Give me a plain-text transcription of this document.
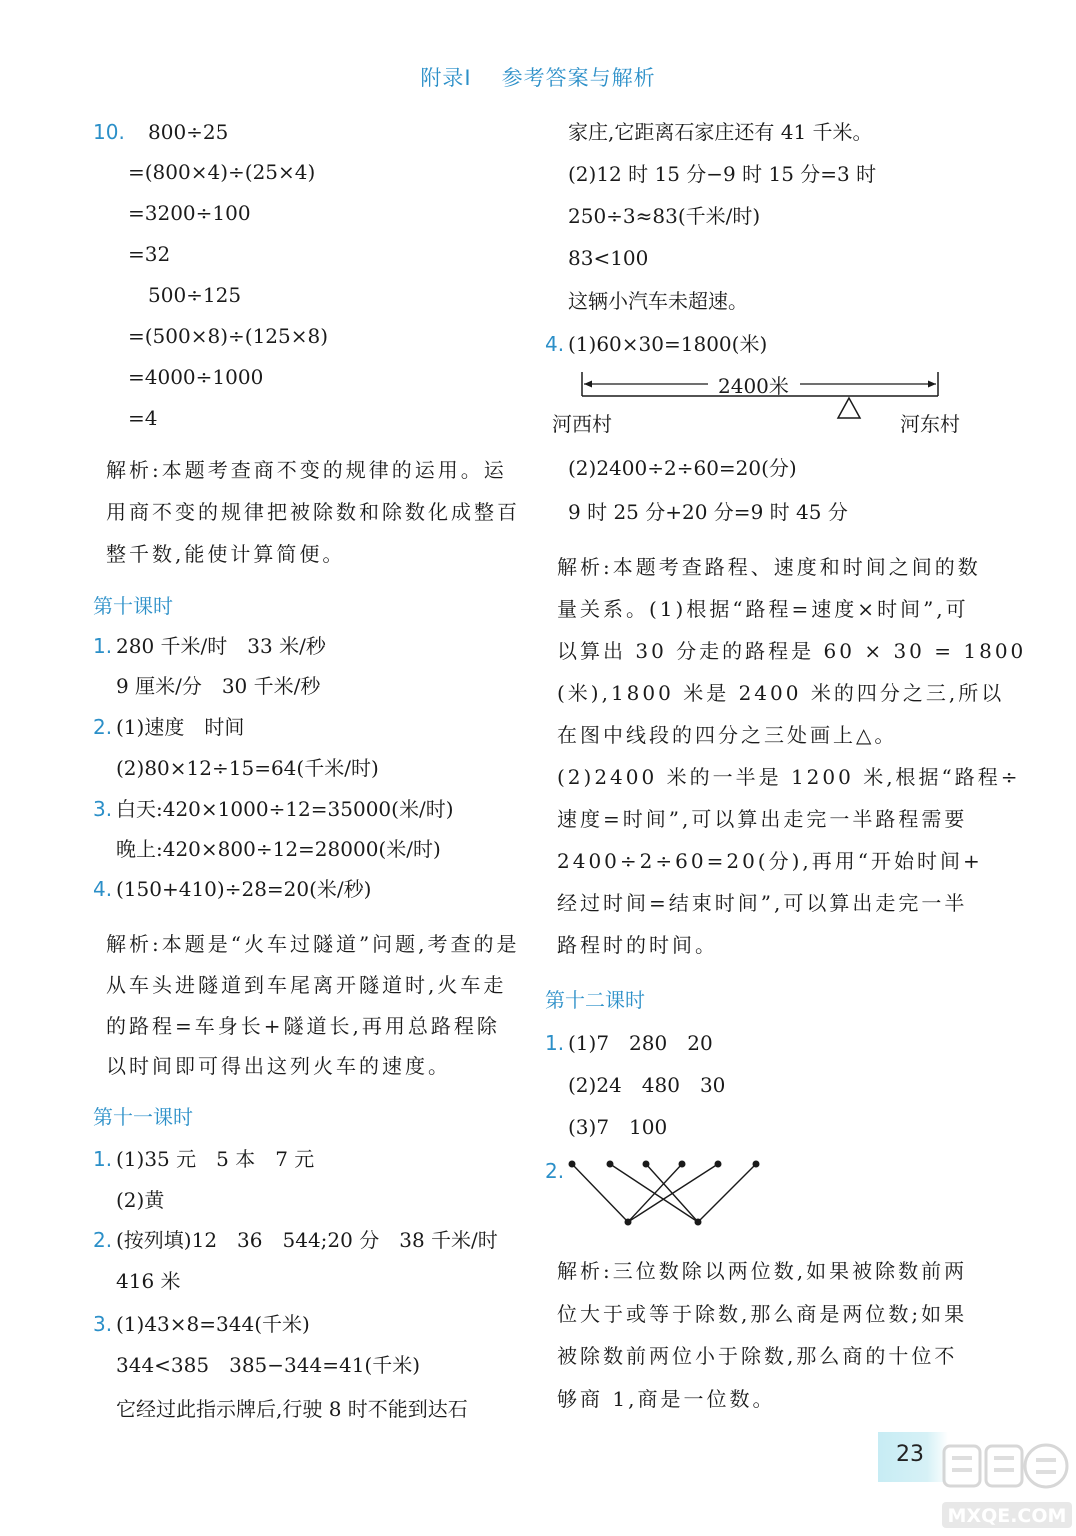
附录Ⅰ 参考答案与解析
10. 800÷25
=(800×4)÷(25×4)
=3200÷100
=32
500÷125
=(500×8)÷(125×8)
=4000÷1000
=4
解析:本题考查商不变的规律的运用。运
用商不变的规律把被除数和除数化成整百
整千数,能使计算简便。
第十课时
1. 280 千米/时　33 米/秒
9 厘米/分　30 千米/秒
2. (1)速度　时间
(2)80×12÷15=64(千米/时)
3. 白天:420×1000÷12=35000(米/时)
晚上:420×800÷12=28000(米/时)
4. (150+410)÷28=20(米/秒)
解析:本题是“火车过隧道”问题,考查的是
从车头进隧道到车尾离开隧道时,火车走
的路程=车身长+隧道长,再用总路程除
以时间即可得出这列火车的速度。
第十一课时
1. (1)35 元　5 本　7 元
(2)黄
2. (按列填)12　36　544;20 分　38 千米/时
416 米
3. (1)43×8=344(千米)
344<385　385−344=41(千米)
它经过此指示牌后,行驶 8 时不能到达石
家庄,它距离石家庄还有 41 千米。
(2)12 时 15 分−9 时 15 分=3 时
250÷3≈83(千米/时)
83<100
这辆小汽车未超速。
4. (1)60×30=1800(米)
2400米
河西村	河东村
(2)2400÷2÷60=20(分)
9 时 25 分+20 分=9 时 45 分
解析:本题考查路程、速度和时间之间的数
量关系。(1)根据“路程=速度×时间”,可
以算出 30 分走的路程是 60 × 30 = 1800
(米),1800 米是 2400 米的四分之三,所以
在图中线段的四分之三处画上△。
(2)2400 米的一半是 1200 米,根据“路程÷
速度=时间”,可以算出走完一半路程需要
2400÷2÷60=20(分),再用“开始时间+
经过时间=结束时间”,可以算出走完一半
路程时的时间。
第十二课时
1. (1)7　280　20
(2)24　480　30
(3)7　100
2.
解析:三位数除以两位数,如果被除数前两
位大于或等于除数,那么商是两位数;如果
被除数前两位小于除数,那么商的十位不
够商 1,商是一位数。
23
MXQE.COM
